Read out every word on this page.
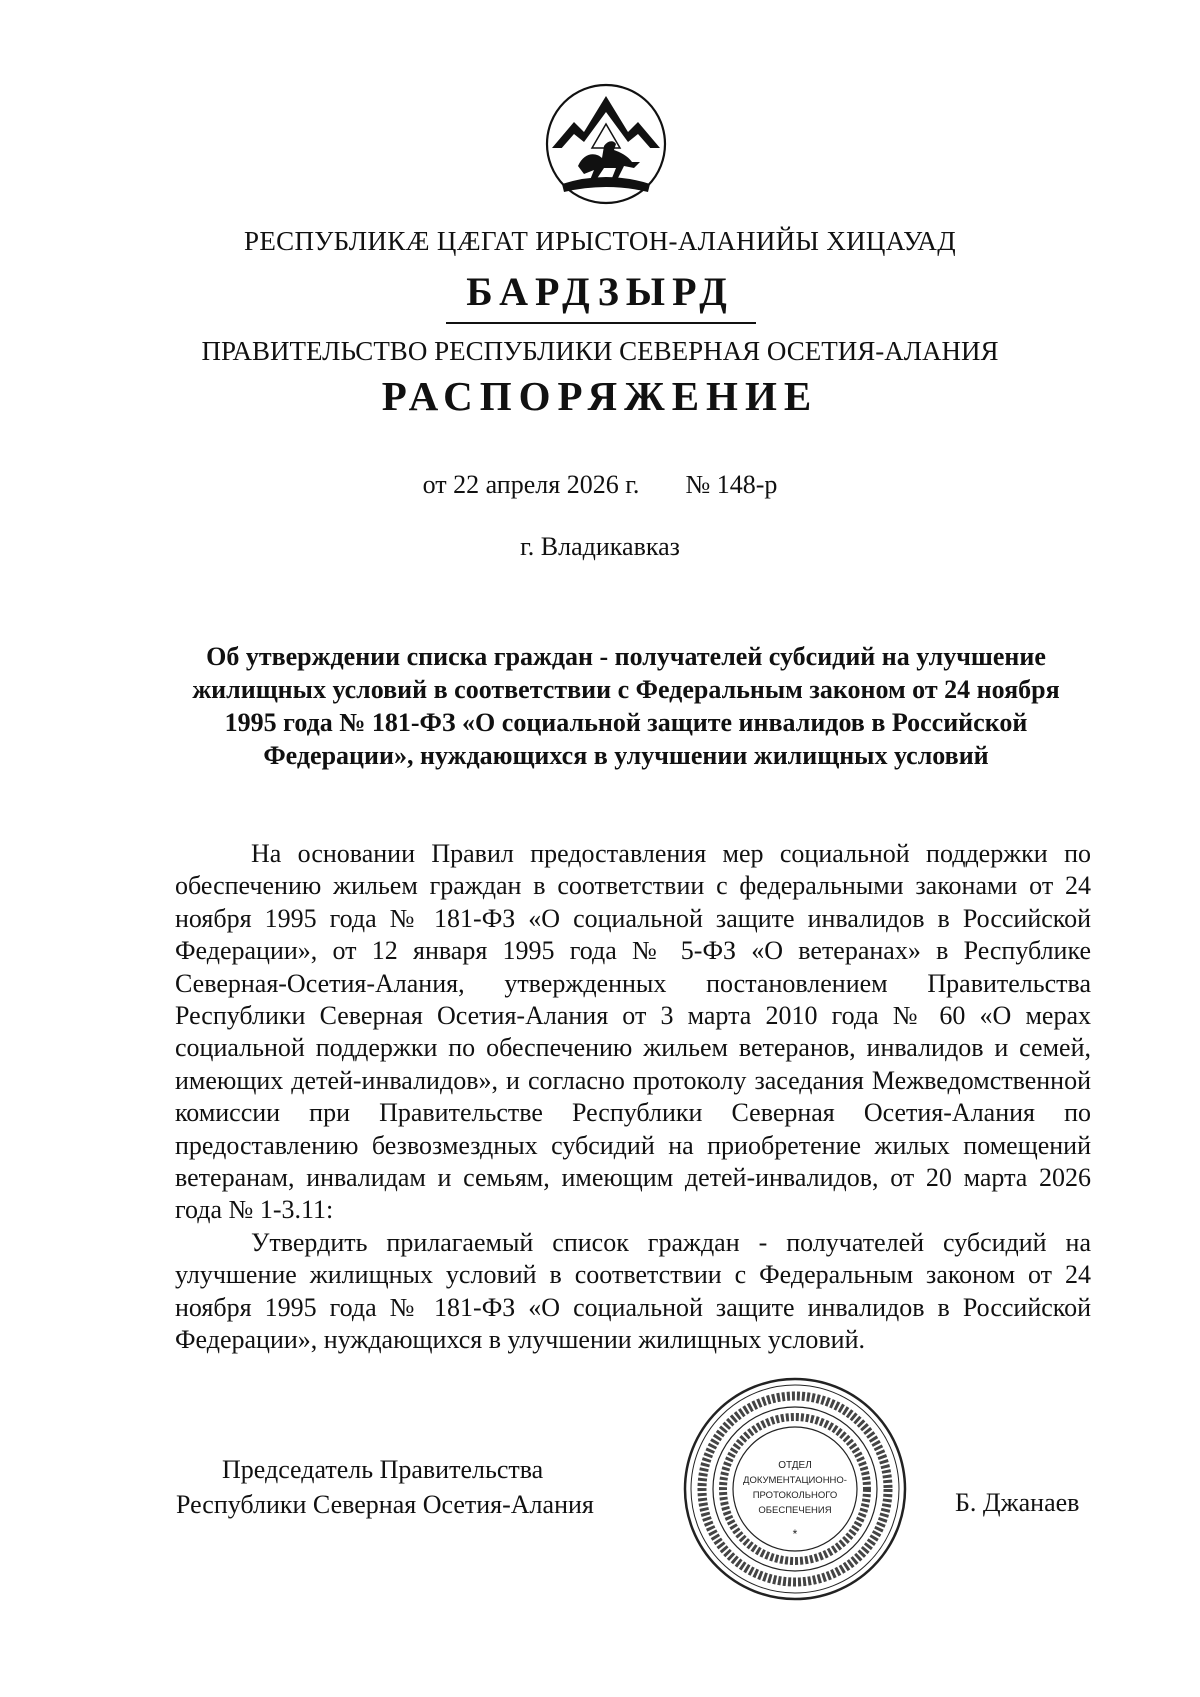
РЕСПУБЛИКӔ ЦӔГАТ ИРЫСТОН-АЛАНИЙЫ ХИЦАУАД
БАРДЗЫРД
ПРАВИТЕЛЬСТВО РЕСПУБЛИКИ СЕВЕРНАЯ ОСЕТИЯ-АЛАНИЯ
РАСПОРЯЖЕНИЕ
от 22 апреля 2026 г. № 148-р
г. Владикавказ
Об утверждении списка граждан - получателей субсидий на улучшение жилищных условий в соответствии с Федеральным законом от 24 ноября 1995 года № 181-ФЗ «О социальной защите инвалидов в Российской Федерации», нуждающихся в улучшении жилищных условий

На основании Правил предоставления мер социальной поддержки по обеспечению жильем граждан в соответствии с федеральными законами от 24 ноября 1995 года № 181-ФЗ «О социальной защите инвалидов в Российской Федерации», от 12 января 1995 года № 5-ФЗ «О ветеранах» в Республике Северная-Осетия-Алания, утвержденных постановлением Правительства Республики Северная Осетия-Алания от 3 марта 2010 года № 60 «О мерах социальной поддержки по обеспечению жильем ветеранов, инвалидов и семей, имеющих детей-инвалидов», и согласно протоколу заседания Межведомственной комиссии при Правительстве Республики Северная Осетия-Алания по предоставлению безвозмездных субсидий на приобретение жилых помещений ветеранам, инвалидам и семьям, имеющим детей-инвалидов, от 20 марта 2026 года № 1-3.11:

Утвердить прилагаемый список граждан - получателей субсидий на улучшение жилищных условий в соответствии с Федеральным законом от 24 ноября 1995 года № 181-ФЗ «О социальной защите инвалидов в Российской Федерации», нуждающихся в улучшении жилищных условий.

Председатель Правительства
Республики Северная Осетия-Алания	Б. Джанаев
ОТДЕЛ
ДОКУМЕНТАЦИОННО-
ПРОТОКОЛЬНОГО
ОБЕСПЕЧЕНИЯ
*
